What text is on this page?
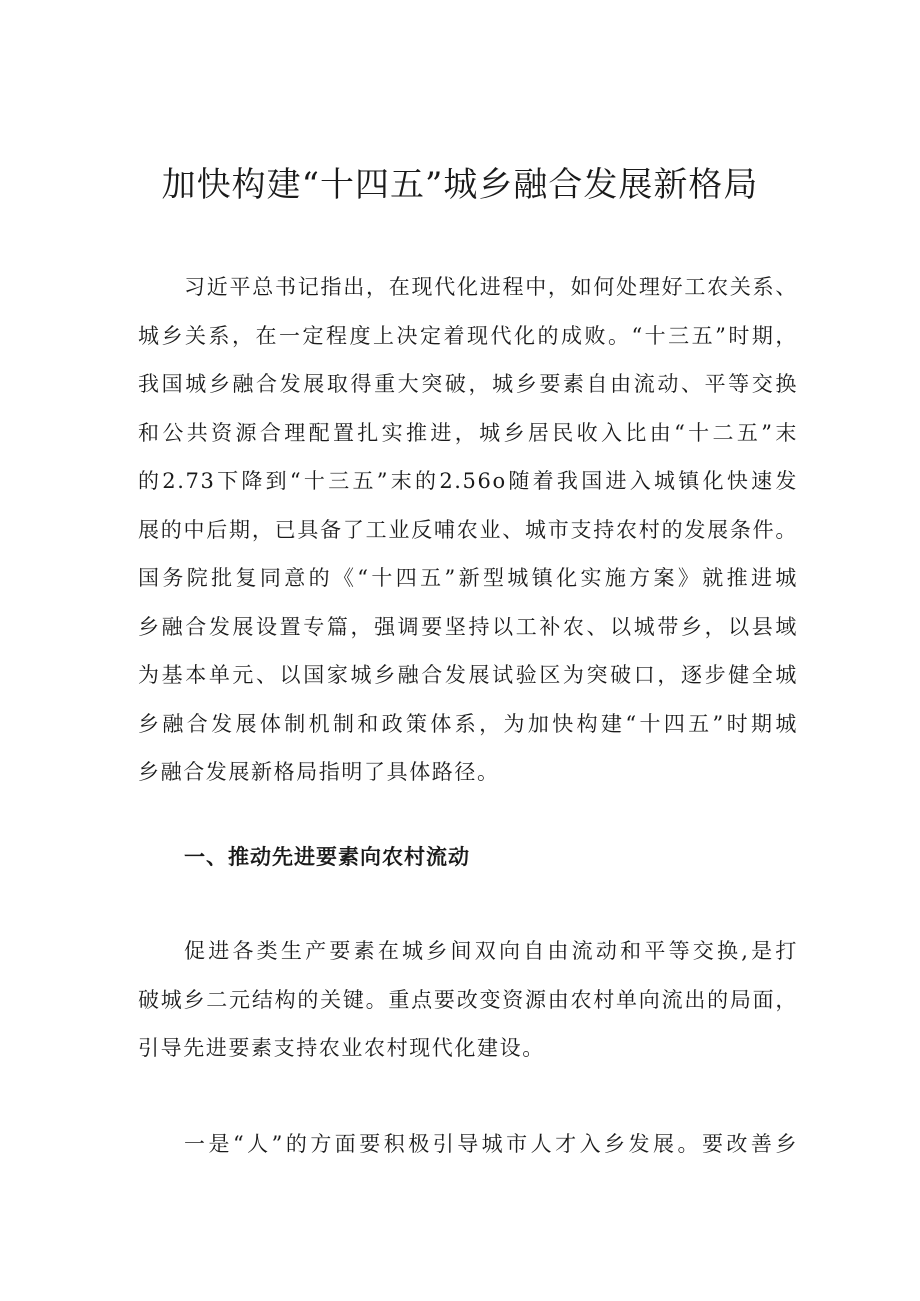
加快构建“十四五”城乡融合发展新格局

习近平总书记指出，在现代化进程中，如何处理好工农关系、
城乡关系，在一定程度上决定着现代化的成败。“十三五”时期，
我国城乡融合发展取得重大突破，城乡要素自由流动、平等交换
和公共资源合理配置扎实推进，城乡居民收入比由“十二五”末
的2.73下降到“十三五”末的2.56o随着我国进入城镇化快速发
展的中后期，已具备了工业反哺农业、城市支持农村的发展条件。
国务院批复同意的《“十四五”新型城镇化实施方案》就推进城
乡融合发展设置专篇，强调要坚持以工补农、以城带乡，以县域
为基本单元、以国家城乡融合发展试验区为突破口，逐步健全城
乡融合发展体制机制和政策体系，为加快构建“十四五”时期城
乡融合发展新格局指明了具体路径。

一、推动先进要素向农村流动

促进各类生产要素在城乡间双向自由流动和平等交换,是打
破城乡二元结构的关键。重点要改变资源由农村单向流出的局面，
引导先进要素支持农业农村现代化建设。

一是“人”的方面要积极引导城市人才入乡发展。要改善乡
